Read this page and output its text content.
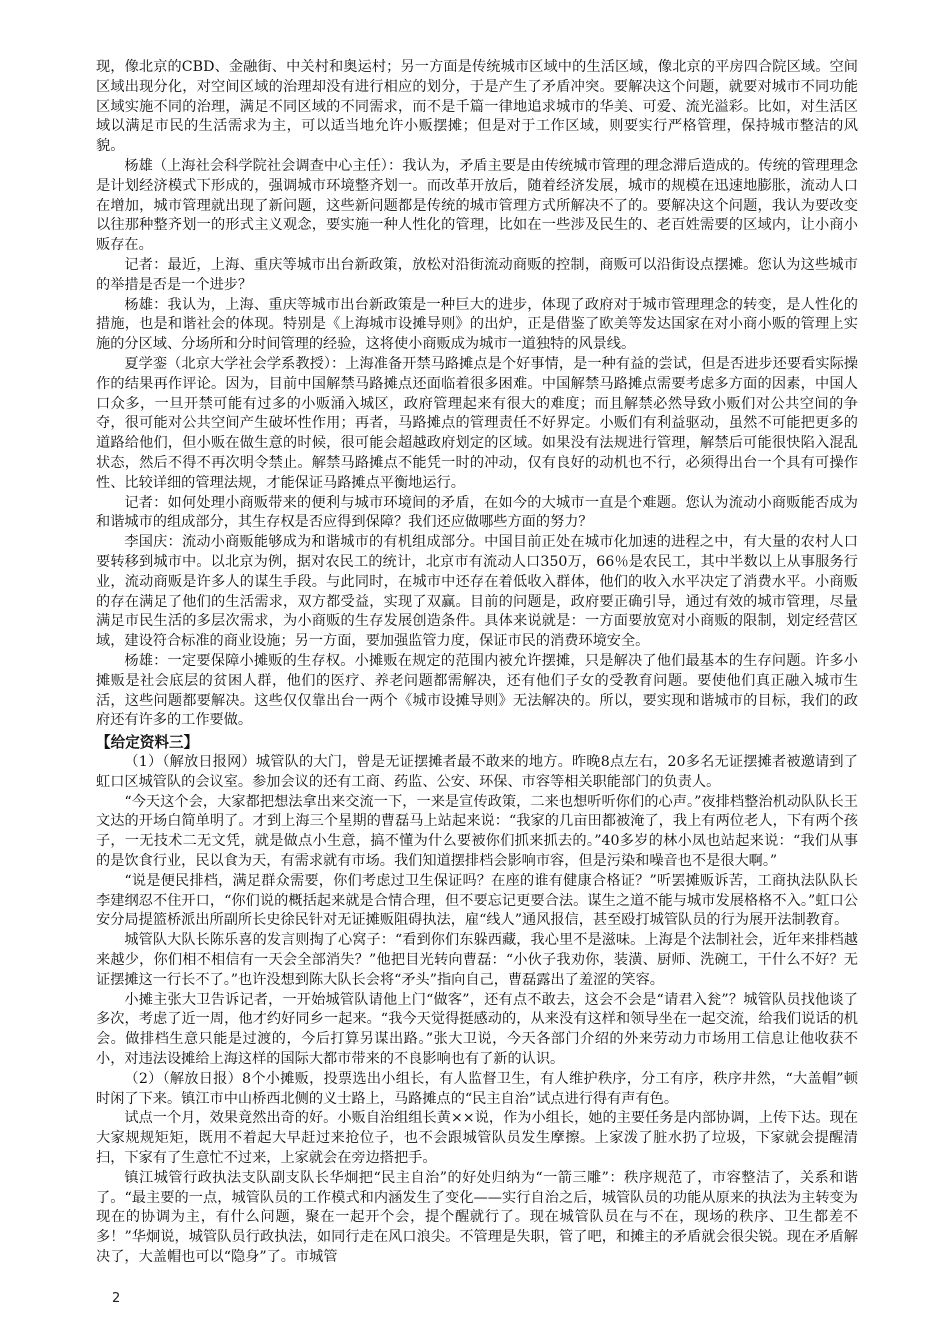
现，像北京的CBD、金融街、中关村和奥运村；另一方面是传统城市区域中的生活区域，像北京的平房四合院区域。空间区域出现分化，对空间区域的治理却没有进行相应的划分，于是产生了矛盾冲突。要解决这个问题，就要对城市不同功能区域实施不同的治理，满足不同区域的不同需求，而不是千篇一律地追求城市的华美、可爱、流光溢彩。比如，对生活区域以满足市民的生活需求为主，可以适当地允许小贩摆摊；但是对于工作区域，则要实行严格管理，保持城市整洁的风貌。

杨雄（上海社会科学院社会调查中心主任）：我认为，矛盾主要是由传统城市管理的理念滞后造成的。传统的管理理念是计划经济模式下形成的，强调城市环境整齐划一。而改革开放后，随着经济发展，城市的规模在迅速地膨胀，流动人口在增加，城市管理就出现了新问题，这些新问题都是传统的城市管理方式所解决不了的。要解决这个问题，我认为要改变以往那种整齐划一的形式主义观念，要实施一种人性化的管理，比如在一些涉及民生的、老百姓需要的区域内，让小商小贩存在。

记者：最近，上海、重庆等城市出台新政策，放松对沿街流动商贩的控制，商贩可以沿街设点摆摊。您认为这些城市的举措是否是一个进步？

杨雄：我认为，上海、重庆等城市出台新政策是一种巨大的进步，体现了政府对于城市管理理念的转变，是人性化的措施，也是和谐社会的体现。特别是《上海城市设摊导则》的出炉，正是借鉴了欧美等发达国家在对小商小贩的管理上实施的分区域、分场所和分时间管理的经验，这将使小商贩成为城市一道独特的风景线。

夏学銮（北京大学社会学系教授）：上海准备开禁马路摊点是个好事情，是一种有益的尝试，但是否进步还要看实际操作的结果再作评论。因为，目前中国解禁马路摊点还面临着很多困难。中国解禁马路摊点需要考虑多方面的因素，中国人口众多，一旦开禁可能有过多的小贩涌入城区，政府管理起来有很大的难度；而且解禁必然导致小贩们对公共空间的争夺，很可能对公共空间产生破坏性作用；再者，马路摊点的管理责任不好界定。小贩们有利益驱动，虽然不可能把更多的道路给他们，但小贩在做生意的时候，很可能会超越政府划定的区域。如果没有法规进行管理，解禁后可能很快陷入混乱状态，然后不得不再次明令禁止。解禁马路摊点不能凭一时的冲动，仅有良好的动机也不行，必须得出台一个具有可操作性、比较详细的管理法规，才能保证马路摊点平衡地运行。

记者：如何处理小商贩带来的便利与城市环境间的矛盾，在如今的大城市一直是个难题。您认为流动小商贩能否成为和谐城市的组成部分，其生存权是否应得到保障？我们还应做哪些方面的努力？

李国庆：流动小商贩能够成为和谐城市的有机组成部分。中国目前正处在城市化加速的进程之中，有大量的农村人口要转移到城市中。以北京为例，据对农民工的统计，北京市有流动人口350万，66％是农民工，其中半数以上从事服务行业，流动商贩是许多人的谋生手段。与此同时，在城市中还存在着低收入群体，他们的收入水平决定了消费水平。小商贩的存在满足了他们的生活需求，双方都受益，实现了双赢。目前的问题是，政府要正确引导，通过有效的城市管理，尽量满足市民生活的多层次需求，为小商贩的生存发展创造条件。具体来说就是：一方面要放宽对小商贩的限制，划定经营区域，建设符合标准的商业设施；另一方面，要加强监管力度，保证市民的消费环境安全。

杨雄：一定要保障小摊贩的生存权。小摊贩在规定的范围内被允许摆摊，只是解决了他们最基本的生存问题。许多小摊贩是社会底层的贫困人群，他们的医疗、养老问题都需解决，还有他们子女的受教育问题。要使他们真正融入城市生活，这些问题都要解决。这些仅仅靠出台一两个《城市设摊导则》无法解决的。所以，要实现和谐城市的目标，我们的政府还有许多的工作要做。

【给定资料三】

（1）（解放日报网）城管队的大门，曾是无证摆摊者最不敢来的地方。昨晚8点左右，20多名无证摆摊者被邀请到了虹口区城管队的会议室。参加会议的还有工商、药监、公安、环保、市容等相关职能部门的负责人。

“今天这个会，大家都把想法拿出来交流一下，一来是宣传政策，二来也想听听你们的心声。”夜排档整治机动队队长王文达的开场白简单明了。才到上海三个星期的曹磊马上站起来说：“我家的几亩田都被淹了，我上有两位老人，下有两个孩子，一无技术二无文凭，就是做点小生意，搞不懂为什么要被你们抓来抓去的。”40多岁的林小凤也站起来说：“我们从事的是饮食行业，民以食为天，有需求就有市场。我们知道摆排档会影响市容，但是污染和噪音也不是很大啊。”

“说是便民排档，满足群众需要，你们考虑过卫生保证吗？在座的谁有健康合格证？”听罢摊贩诉苦，工商执法队队长李建纲忍不住开口，“你们说的概括起来就是合情合理，但不要忘记更要合法。谋生之道不能与城市发展格格不入。”虹口公安分局提篮桥派出所副所长史徐民针对无证摊贩阻碍执法，雇“线人”通风报信，甚至殴打城管队员的行为展开法制教育。

城管队大队长陈乐喜的发言则掏了心窝子：“看到你们东躲西藏，我心里不是滋味。上海是个法制社会，近年来排档越来越少，你们相不相信有一天会全部消失？”他把目光转向曹磊：“小伙子我劝你，装潢、厨师、洗碗工，干什么不好？无证摆摊这一行长不了。”也许没想到陈大队长会将“矛头”指向自己，曹磊露出了羞涩的笑容。

小摊主张大卫告诉记者，一开始城管队请他上门“做客”，还有点不敢去，这会不会是“请君入瓮”？城管队员找他谈了多次，考虑了近一周，他才约好同乡一起来。“我今天觉得挺感动的，从来没有这样和领导坐在一起交流，给我们说话的机会。做排档生意只能是过渡的，今后打算另谋出路。”张大卫说，今天各部门介绍的外来劳动力市场用工信息让他收获不小，对违法设摊给上海这样的国际大都市带来的不良影响也有了新的认识。

（2）（解放日报）8个小摊贩，投票选出小组长，有人监督卫生，有人维护秩序，分工有序，秩序井然，“大盖帽”顿时闲了下来。镇江市中山桥西北侧的义士路上，马路摊点的“民主自治”试点进行得有声有色。

试点一个月，效果竟然出奇的好。小贩自治组组长黄××说，作为小组长，她的主要任务是内部协调，上传下达。现在大家规规矩矩，既用不着起大早赶过来抢位子，也不会跟城管队员发生摩擦。上家泼了脏水扔了垃圾，下家就会提醒清扫，下家有了生意忙不过来，上家就会在旁边搭把手。

镇江城管行政执法支队副支队长华炯把“民主自治”的好处归纳为“一箭三雕”：秩序规范了，市容整洁了，关系和谐了。“最主要的一点，城管队员的工作模式和内涵发生了变化——实行自治之后，城管队员的功能从原来的执法为主转变为现在的协调为主，有什么问题，聚在一起开个会，提个醒就行了。现在城管队员在与不在，现场的秩序、卫生都差不多！”华炯说，城管队员行政执法，如同行走在风口浪尖。不管理是失职，管了吧，和摊主的矛盾就会很尖锐。现在矛盾解决了，大盖帽也可以“隐身”了。市城管

2
